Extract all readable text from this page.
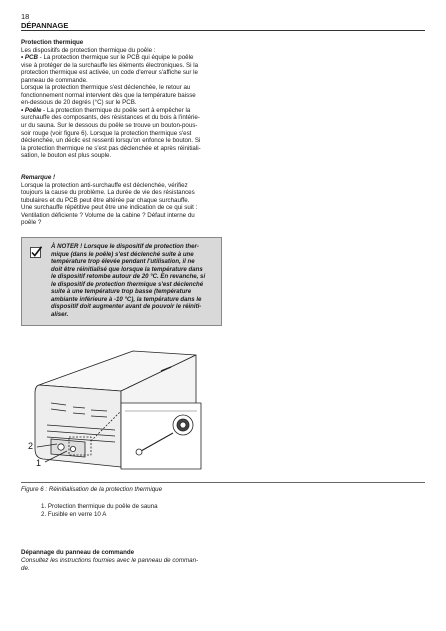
18
DÉPANNAGE

Protection thermique

Les dispositifs de protection thermique du poêle :

• PCB - La protection thermique sur le PCB qui équipe le poêle

vise à protéger de la surchauffe les éléments électroniques. Si la

protection thermique est activée, un code d'erreur s'affiche sur le

panneau de commande.

Lorsque la protection thermique s'est déclenchée, le retour au

fonctionnement normal intervient dès que la température baisse

en-dessous de 20 degrés (°C) sur le PCB.

• Poêle - La protection thermique du poêle sert à empêcher la

surchauffe des composants, des résistances et du bois à l'intérie-

ur du sauna. Sur le dessous du poêle se trouve un bouton-pous-

soir rouge (voir figure 6). Lorsque la protection thermique s'est

déclenchée, un déclic est ressenti lorsqu'on enfonce le bouton. Si

la protection thermique ne s'est pas déclenchée et après réinitiali-

sation, le bouton est plus souple.

Remarque !

Lorsque la protection anti-surchauffe est déclenchée, vérifiez

toujours la cause du problème. La durée de vie des résistances

tubulaires et du PCB peut être altérée par chaque surchauffe.

Une surchauffe répétitive peut être une indication de ce qui suit :

Ventilation déficiente ? Volume de la cabine ? Défaut interne du

poêle ?

À NOTER ! Lorsque le dispositif de protection ther-
mique (dans le poêle) s'est déclenché suite à une
température trop élevée pendant l'utilisation, il ne
doit être réinitialisé que lorsque la température dans
le dispositif retombe autour de 20 °C. En revanche, si
le dispositif de protection thermique s'est déclenché
suite à une température trop basse (température
ambiante inférieure à -10 °C), la température dans le
dispositif doit augmenter avant de pouvoir le réiniti-
aliser.
2
1
Figure 6 : Réinitialisation de la protection thermique
1. Protection thermique du poêle de sauna
2. Fusible en verre 10 A
Dépannage du panneau de commande
Consultez les instructions fournies avec le panneau de comman-
de.
